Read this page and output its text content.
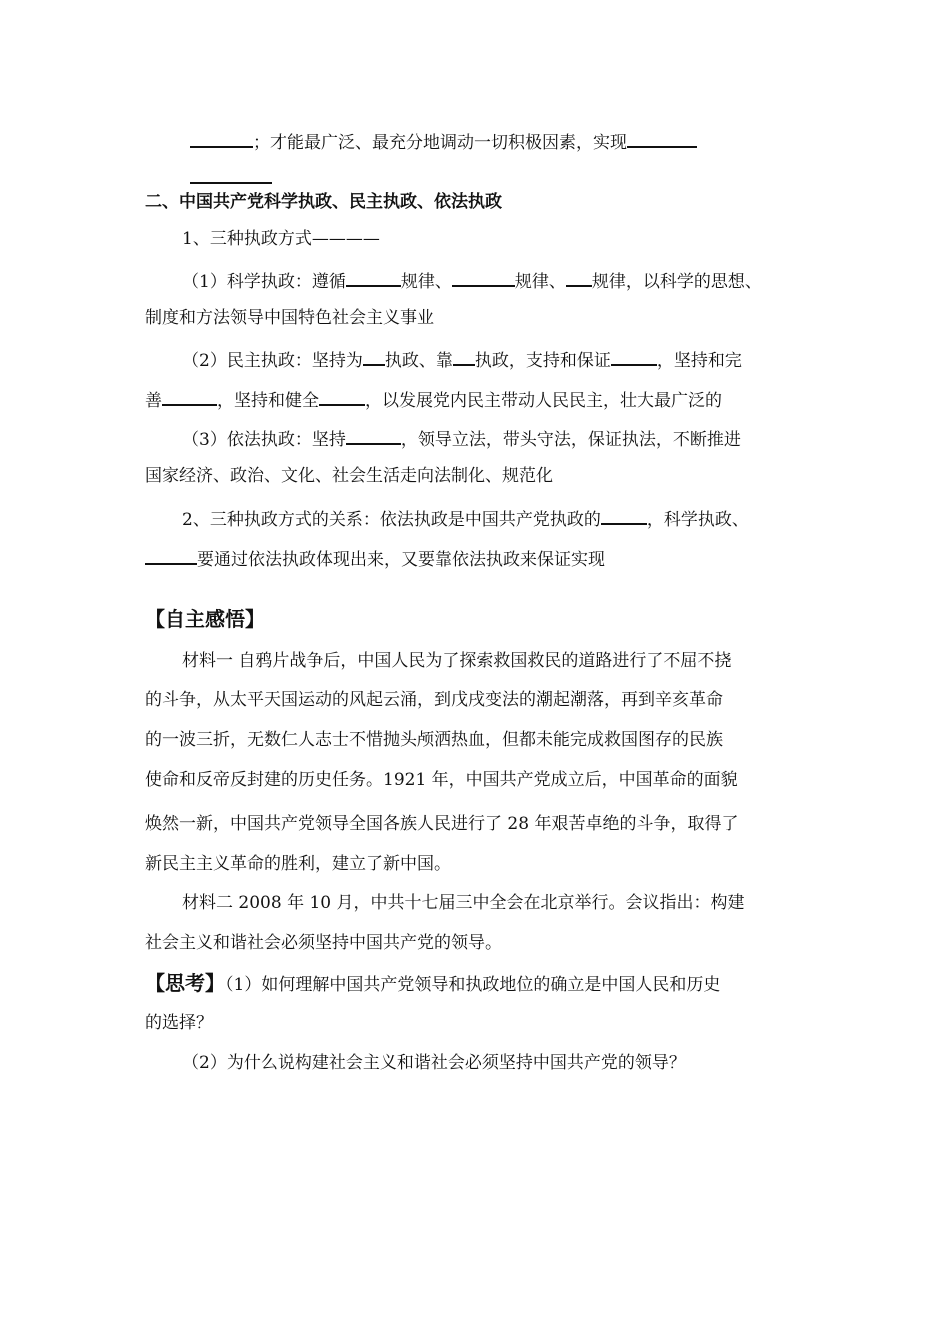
；才能最广泛、最充分地调动一切积极因素，实现
二、中国共产党科学执政、民主执政、依法执政
1、三种执政方式————
（1）科学执政：遵循	规律、	规律、 规律，以科学的思想、
制度和方法领导中国特色社会主义事业
（2）民主执政：坚持为 执政、靠 执政，支持和保证	，坚持和完
善	，坚持和健全	，以发展党内民主带动人民民主，壮大最广泛的
（3）依法执政：坚持	，领导立法，带头守法，保证执法，不断推进
国家经济、政治、文化、社会生活走向法制化、规范化
2、三种执政方式的关系：依法执政是中国共产党执政的	，科学执政、
要通过依法执政体现出来，又要靠依法执政来保证实现
【自主感悟】
材料一 自鸦片战争后，中国人民为了探索救国救民的道路进行了不屈不挠
的斗争，从太平天国运动的风起云涌，到戊戌变法的潮起潮落，再到辛亥革命
的一波三折，无数仁人志士不惜抛头颅洒热血，但都未能完成救国图存的民族
使命和反帝反封建的历史任务。1921 年，中国共产党成立后，中国革命的面貌
焕然一新，中国共产党领导全国各族人民进行了 28 年艰苦卓绝的斗争，取得了
新民主主义革命的胜利，建立了新中国。
材料二 2008 年 10 月，中共十七届三中全会在北京举行。会议指出：构建
社会主义和谐社会必须坚持中国共产党的领导。
【思考】（1）如何理解中国共产党领导和执政地位的确立是中国人民和历史
的选择？
（2）为什么说构建社会主义和谐社会必须坚持中国共产党的领导？
